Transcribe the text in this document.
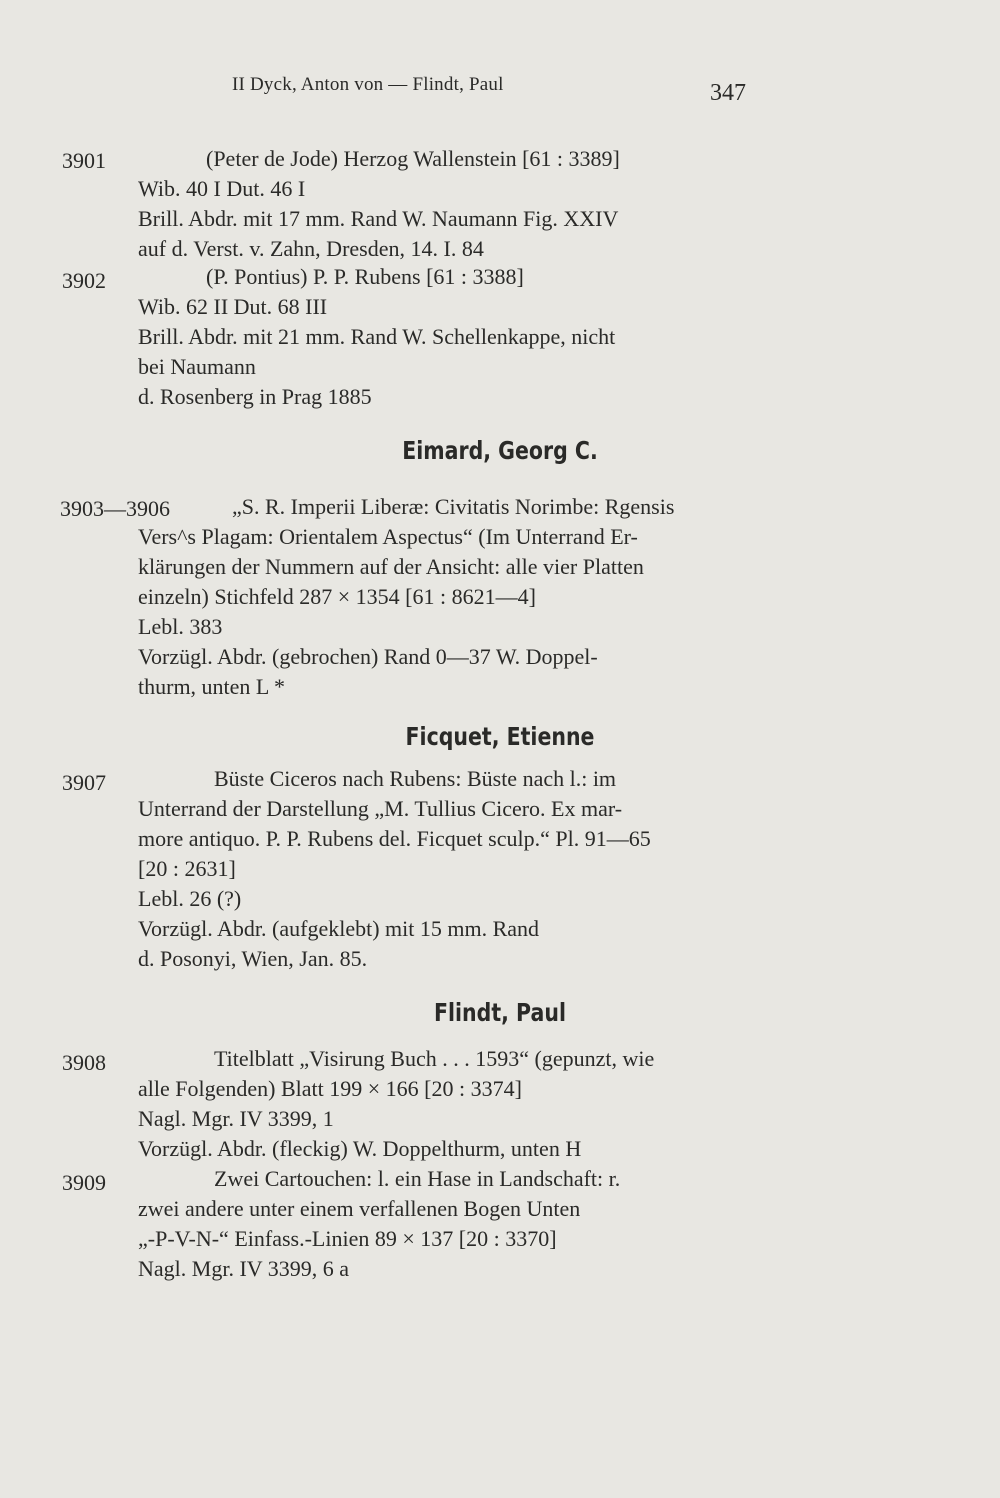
II Dyck, Anton von — Flindt, Paul	347
3901	(Peter de Jode) Herzog Wallenstein [61 : 3389]
Wib. 40 I Dut. 46 I
Brill. Abdr. mit 17 mm. Rand W. Naumann Fig. XXIV
auf d. Verst. v. Zahn, Dresden, 14. I. 84
3902	(P. Pontius) P. P. Rubens [61 : 3388]
Wib. 62 II Dut. 68 III
Brill. Abdr. mit 21 mm. Rand W. Schellenkappe, nicht
bei Naumann
d. Rosenberg in Prag 1885
Eimard, Georg C.
3903—3906	„S. R. Imperii Liberæ: Civitatis Norimbe: Rgensis
Vers^s Plagam: Orientalem Aspectus“ (Im Unterrand Er-
klärungen der Nummern auf der Ansicht: alle vier Platten
einzeln) Stichfeld 287 × 1354 [61 : 8621—4]
Lebl. 383
Vorzügl. Abdr. (gebrochen) Rand 0—37 W. Doppel-
thurm, unten L *
Ficquet, Etienne
3907	Büste Ciceros nach Rubens: Büste nach l.: im
Unterrand der Darstellung „M. Tullius Cicero. Ex mar-
more antiquo. P. P. Rubens del. Ficquet sculp.“ Pl. 91—65
[20 : 2631]
Lebl. 26 (?)
Vorzügl. Abdr. (aufgeklebt) mit 15 mm. Rand
d. Posonyi, Wien, Jan. 85.
Flindt, Paul
3908	Titelblatt „Visirung Buch . . . 1593“ (gepunzt, wie
alle Folgenden) Blatt 199 × 166 [20 : 3374]
Nagl. Mgr. IV 3399, 1
Vorzügl. Abdr. (fleckig) W. Doppelthurm, unten H
3909	Zwei Cartouchen: l. ein Hase in Landschaft: r.
zwei andere unter einem verfallenen Bogen Unten
„-P-V-N-“ Einfass.-Linien 89 × 137 [20 : 3370]
Nagl. Mgr. IV 3399, 6 a
